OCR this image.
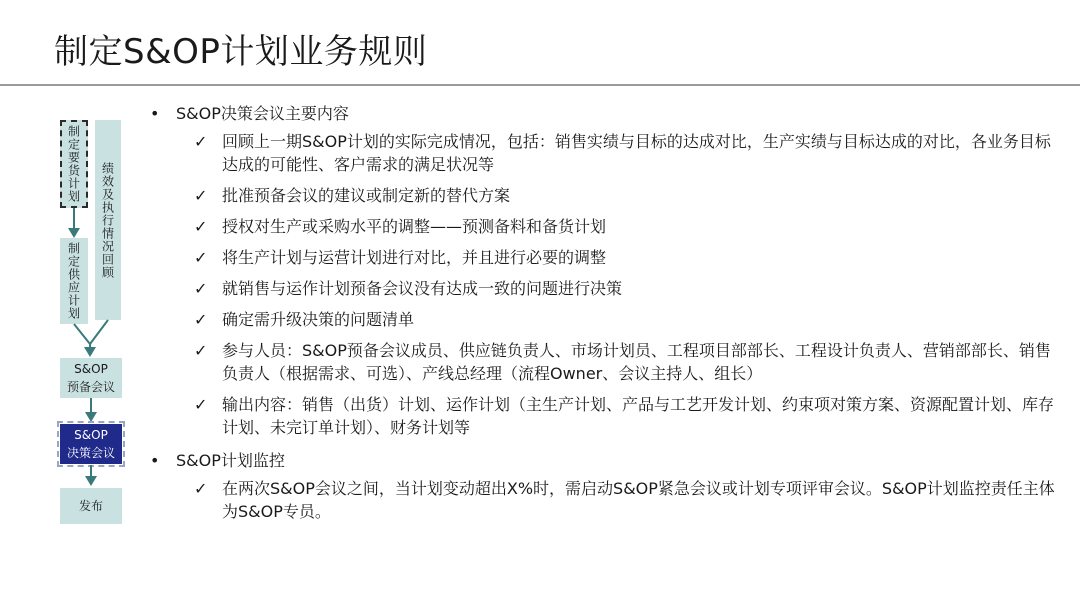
制定S&OP计划业务规则
制定要货计划	绩效及执行情况回顾
制定供应计划
S&OP
预备会议
S&OP
决策会议
发布
• S&OP决策会议主要内容
✓ 回顾上一期S&OP计划的实际完成情况，包括：销售实绩与目标的达成对比，生产实绩与目标达成的对比，各业务目标达成的可能性、客户需求的满足状况等
✓ 批准预备会议的建议或制定新的替代方案
✓ 授权对生产或采购水平的调整——预测备料和备货计划
✓ 将生产计划与运营计划进行对比，并且进行必要的调整
✓ 就销售与运作计划预备会议没有达成一致的问题进行决策
✓ 确定需升级决策的问题清单
✓ 参与人员：S&OP预备会议成员、供应链负责人、市场计划员、工程项目部部长、工程设计负责人、营销部部长、销售负责人（根据需求、可选）、产线总经理（流程Owner、会议主持人、组长）
✓ 输出内容：销售（出货）计划、运作计划（主生产计划、产品与工艺开发计划、约束项对策方案、资源配置计划、库存计划、未完订单计划）、财务计划等
• S&OP计划监控
✓ 在两次S&OP会议之间，当计划变动超出X%时，需启动S&OP紧急会议或计划专项评审会议。S&OP计划监控责任主体为S&OP专员。
